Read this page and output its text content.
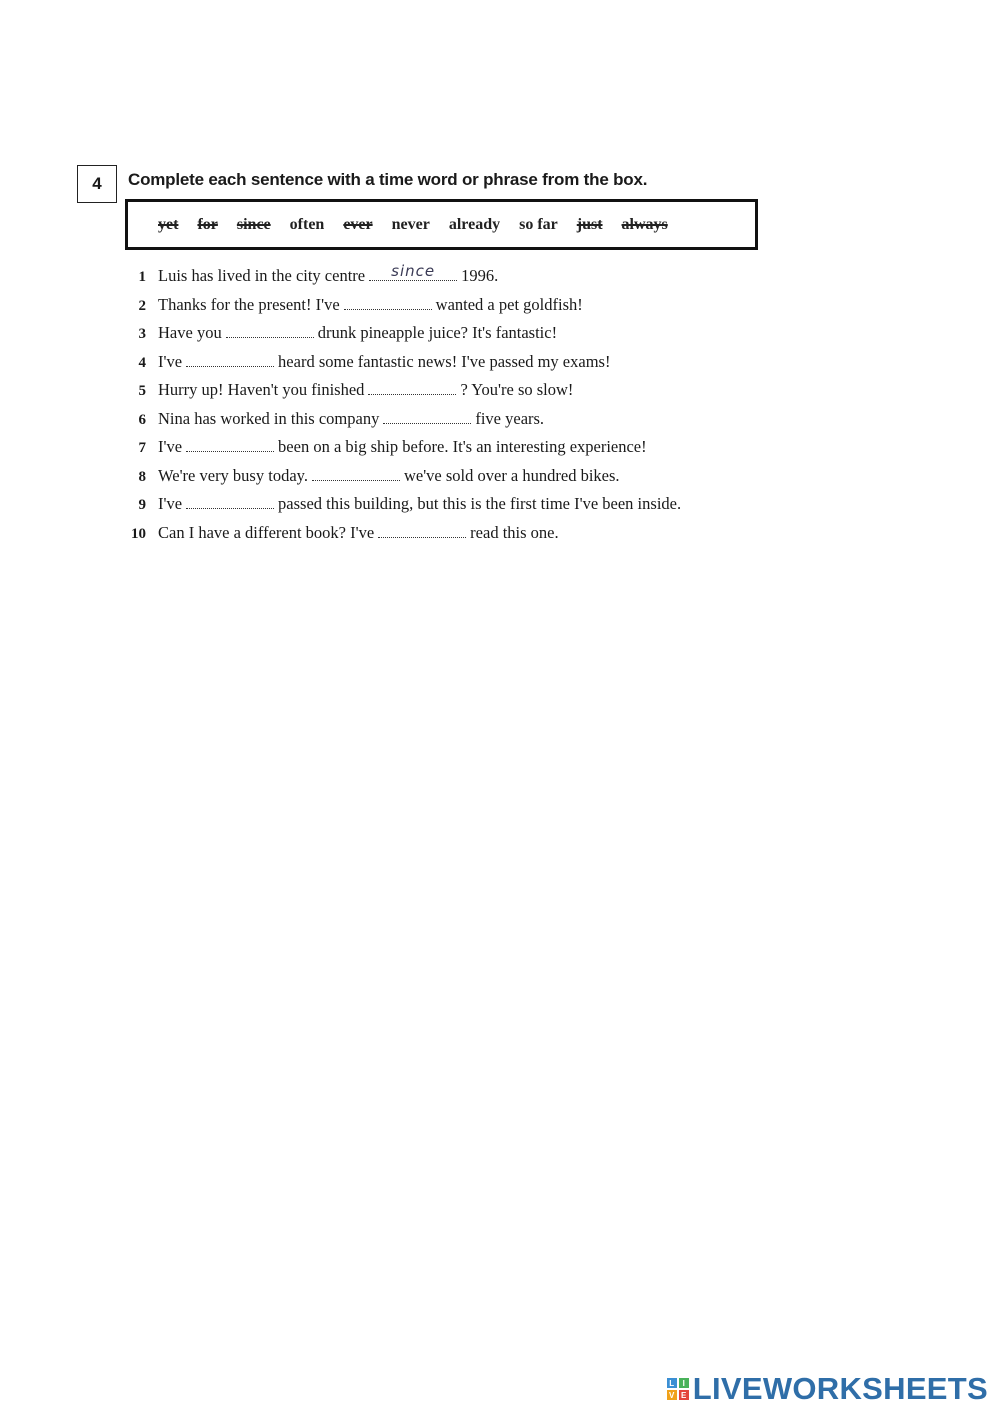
4 Complete each sentence with a time word or phrase from the box.
yet for since often ever never already so far just always
1 Luis has lived in the city centre	since	1996.
2 Thanks for the present! I've	wanted a pet goldfish!
3 Have you	drunk pineapple juice? It's fantastic!
4 I've	heard some fantastic news! I've passed my exams!
5 Hurry up! Haven't you finished	? You're so slow!
6 Nina has worked in this company	five years.
7 I've	been on a big ship before. It's an interesting experience!
8 We're very busy today.	we've sold over a hundred bikes.
9 I've	passed this building, but this is the first time I've been inside.
10 Can I have a different book? I've	read this one.
L	I
V E LIVEWORKSHEETS
